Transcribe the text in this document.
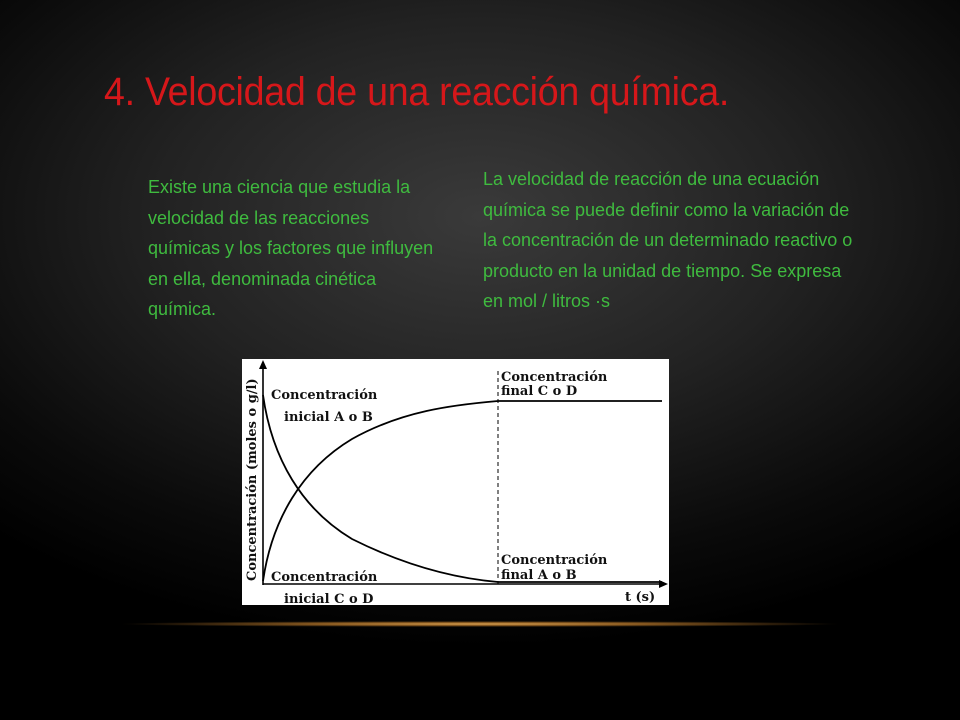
4. Velocidad de una reacción química.
Existe una ciencia que estudia la velocidad de las reacciones químicas y los factores que influyen en ella, denominada cinética química.
La velocidad de reacción de una ecuación química se puede definir como la variación de la concentración de un determinado reactivo o producto en la unidad de tiempo. Se expresa en mol / litros ·s
Concentración (moles o g/l)
t (s)
Concentración
inicial A o B
Concentración
final C o D
Concentración
final A o B
Concentración
inicial C o D
